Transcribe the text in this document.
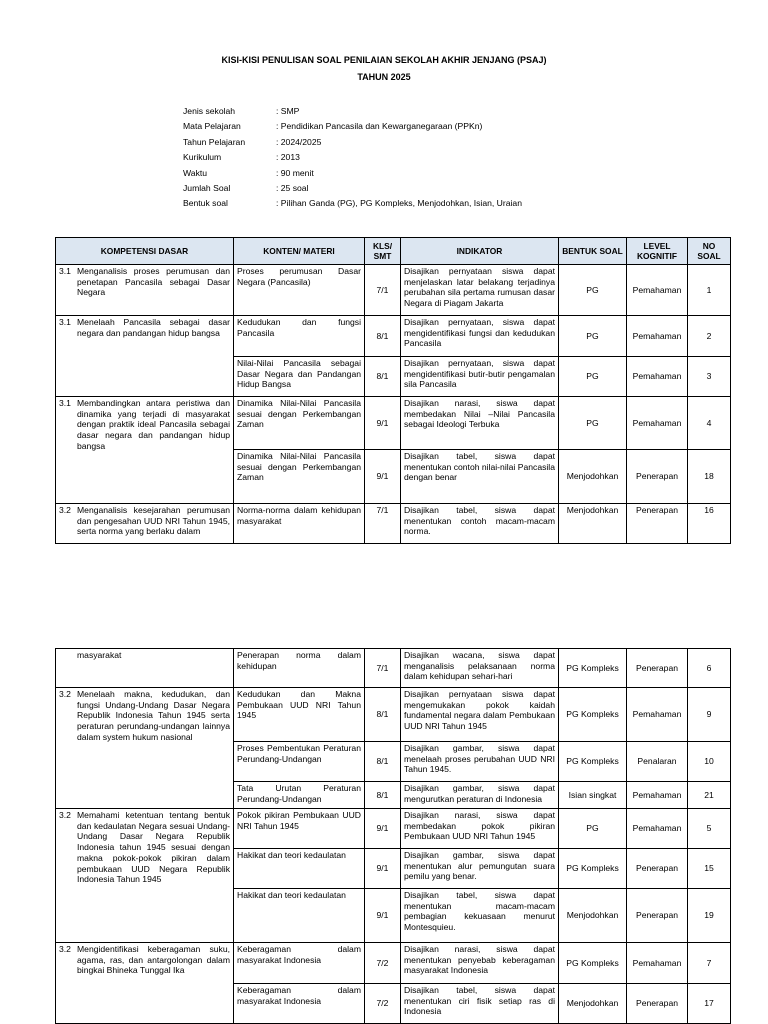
KISI-KISI PENULISAN SOAL PENILAIAN SEKOLAH AKHIR JENJANG (PSAJ)
TAHUN 2025
Jenis sekolah	: SMP
Mata Pelajaran	: Pendidikan Pancasila dan Kewarganegaraan (PPKn)
Tahun Pelajaran	: 2024/2025
Kurikulum	: 2013
Waktu	: 90 menit
Jumlah Soal	: 25 soal
Bentuk soal	: Pilihan Ganda (PG), PG Kompleks, Menjodohkan, Isian, Uraian
KOMPETENSI DASAR	KONTEN/ MATERI	KLS/ SMT	INDIKATOR	BENTUK SOAL	LEVEL KOGNITIF	NO SOAL

3.1 Menganalisis proses perumusan dan penetapan Pancasila sebagai Dasar Negara	Proses perumusan Dasar Negara (Pancasila)	7/1	Disajikan pernyataan siswa dapat menjelaskan latar belakang terjadinya perubahan sila pertama rumusan dasar Negara di Piagam Jakarta	PG	Pemahaman	1

3.1 Menelaah Pancasila sebagai dasar negara dan pandangan hidup bangsa	Kedudukan dan fungsi Pancasila	8/1	Disajikan pernyataan, siswa dapat mengidentifikasi fungsi dan kedudukan Pancasila	PG	Pemahaman	2
	Nilai-Nilai Pancasila sebagai Dasar Negara dan Pandangan Hidup Bangsa	8/1	Disajikan pernyataan, siswa dapat mengidentifikasi butir-butir pengamalan sila Pancasila	PG	Pemahaman	3

3.1 Membandingkan antara peristiwa dan dinamika yang terjadi di masyarakat dengan praktik ideal Pancasila sebagai dasar negara dan pandangan hidup bangsa	Dinamika Nilai-Nilai Pancasila sesuai dengan Perkembangan Zaman	9/1	Disajikan narasi, siswa dapat membedakan Nilai –Nilai Pancasila sebagai Ideologi Terbuka	PG	Pemahaman	4
	Dinamika Nilai-Nilai Pancasila sesuai dengan Perkembangan Zaman	9/1	Disajikan tabel, siswa dapat menentukan contoh nilai-nilai Pancasila dengan benar	Menjodohkan	Penerapan	18

3.2 Menganalisis kesejarahan perumusan dan pengesahan UUD NRI Tahun 1945, serta norma yang berlaku dalam	Norma-norma dalam kehidupan masyarakat	7/1	Disajikan tabel, siswa dapat menentukan contoh macam-macam norma.	Menjodohkan	Penerapan	16
masyarakat	Penerapan norma dalam kehidupan	7/1	Disajikan wacana, siswa dapat menganalisis pelaksanaan norma dalam kehidupan sehari-hari	PG Kompleks	Penerapan	6

3.2 Menelaah makna, kedudukan, dan fungsi Undang-Undang Dasar Negara Republik Indonesia Tahun 1945 serta peraturan perundang-undangan lainnya dalam system hukum nasional	Kedudukan dan Makna Pembukaan UUD NRI Tahun 1945	8/1	Disajikan pernyataan siswa dapat mengemukakan pokok kaidah fundamental negara dalam Pembukaan UUD NRI Tahun 1945	PG Kompleks	Pemahaman	9
	Proses Pembentukan Peraturan Perundang-Undangan	8/1	Disajikan gambar, siswa dapat menelaah proses perubahan UUD NRI Tahun 1945.	PG Kompleks	Penalaran	10
	Tata Urutan Peraturan Perundang-Undangan	8/1	Disajikan gambar, siswa dapat mengurutkan peraturan di Indonesia	Isian singkat	Pemahaman	21

3.2 Memahami ketentuan tentang bentuk dan kedaulatan Negara sesuai Undang-Undang Dasar Negara Republik Indonesia tahun 1945 sesuai dengan makna pokok-pokok pikiran dalam pembukaan UUD Negara Republik Indonesia Tahun 1945	Pokok pikiran Pembukaan UUD NRI Tahun 1945	9/1	Disajikan narasi, siswa dapat membedakan pokok pikiran Pembukaan UUD NRI Tahun 1945	PG	Pemahaman	5
	Hakikat dan teori kedaulatan	9/1	Disajikan gambar, siswa dapat menentukan alur pemungutan suara pemilu yang benar.	PG Kompleks	Penerapan	15
	Hakikat dan teori kedaulatan	9/1	Disajikan tabel, siswa dapat menentukan macam-macam pembagian kekuasaan menurut Montesquieu.	Menjodohkan	Penerapan	19

3.2 Mengidentifikasi keberagaman suku, agama, ras, dan antargolongan dalam bingkai Bhineka Tunggal Ika	Keberagaman dalam masyarakat Indonesia	7/2	Disajikan narasi, siswa dapat menentukan penyebab keberagaman masyarakat Indonesia	PG Kompleks	Pemahaman	7
	Keberagaman dalam masyarakat Indonesia	7/2	Disajikan tabel, siswa dapat menentukan ciri fisik setiap ras di Indonesia	Menjodohkan	Penerapan	17
